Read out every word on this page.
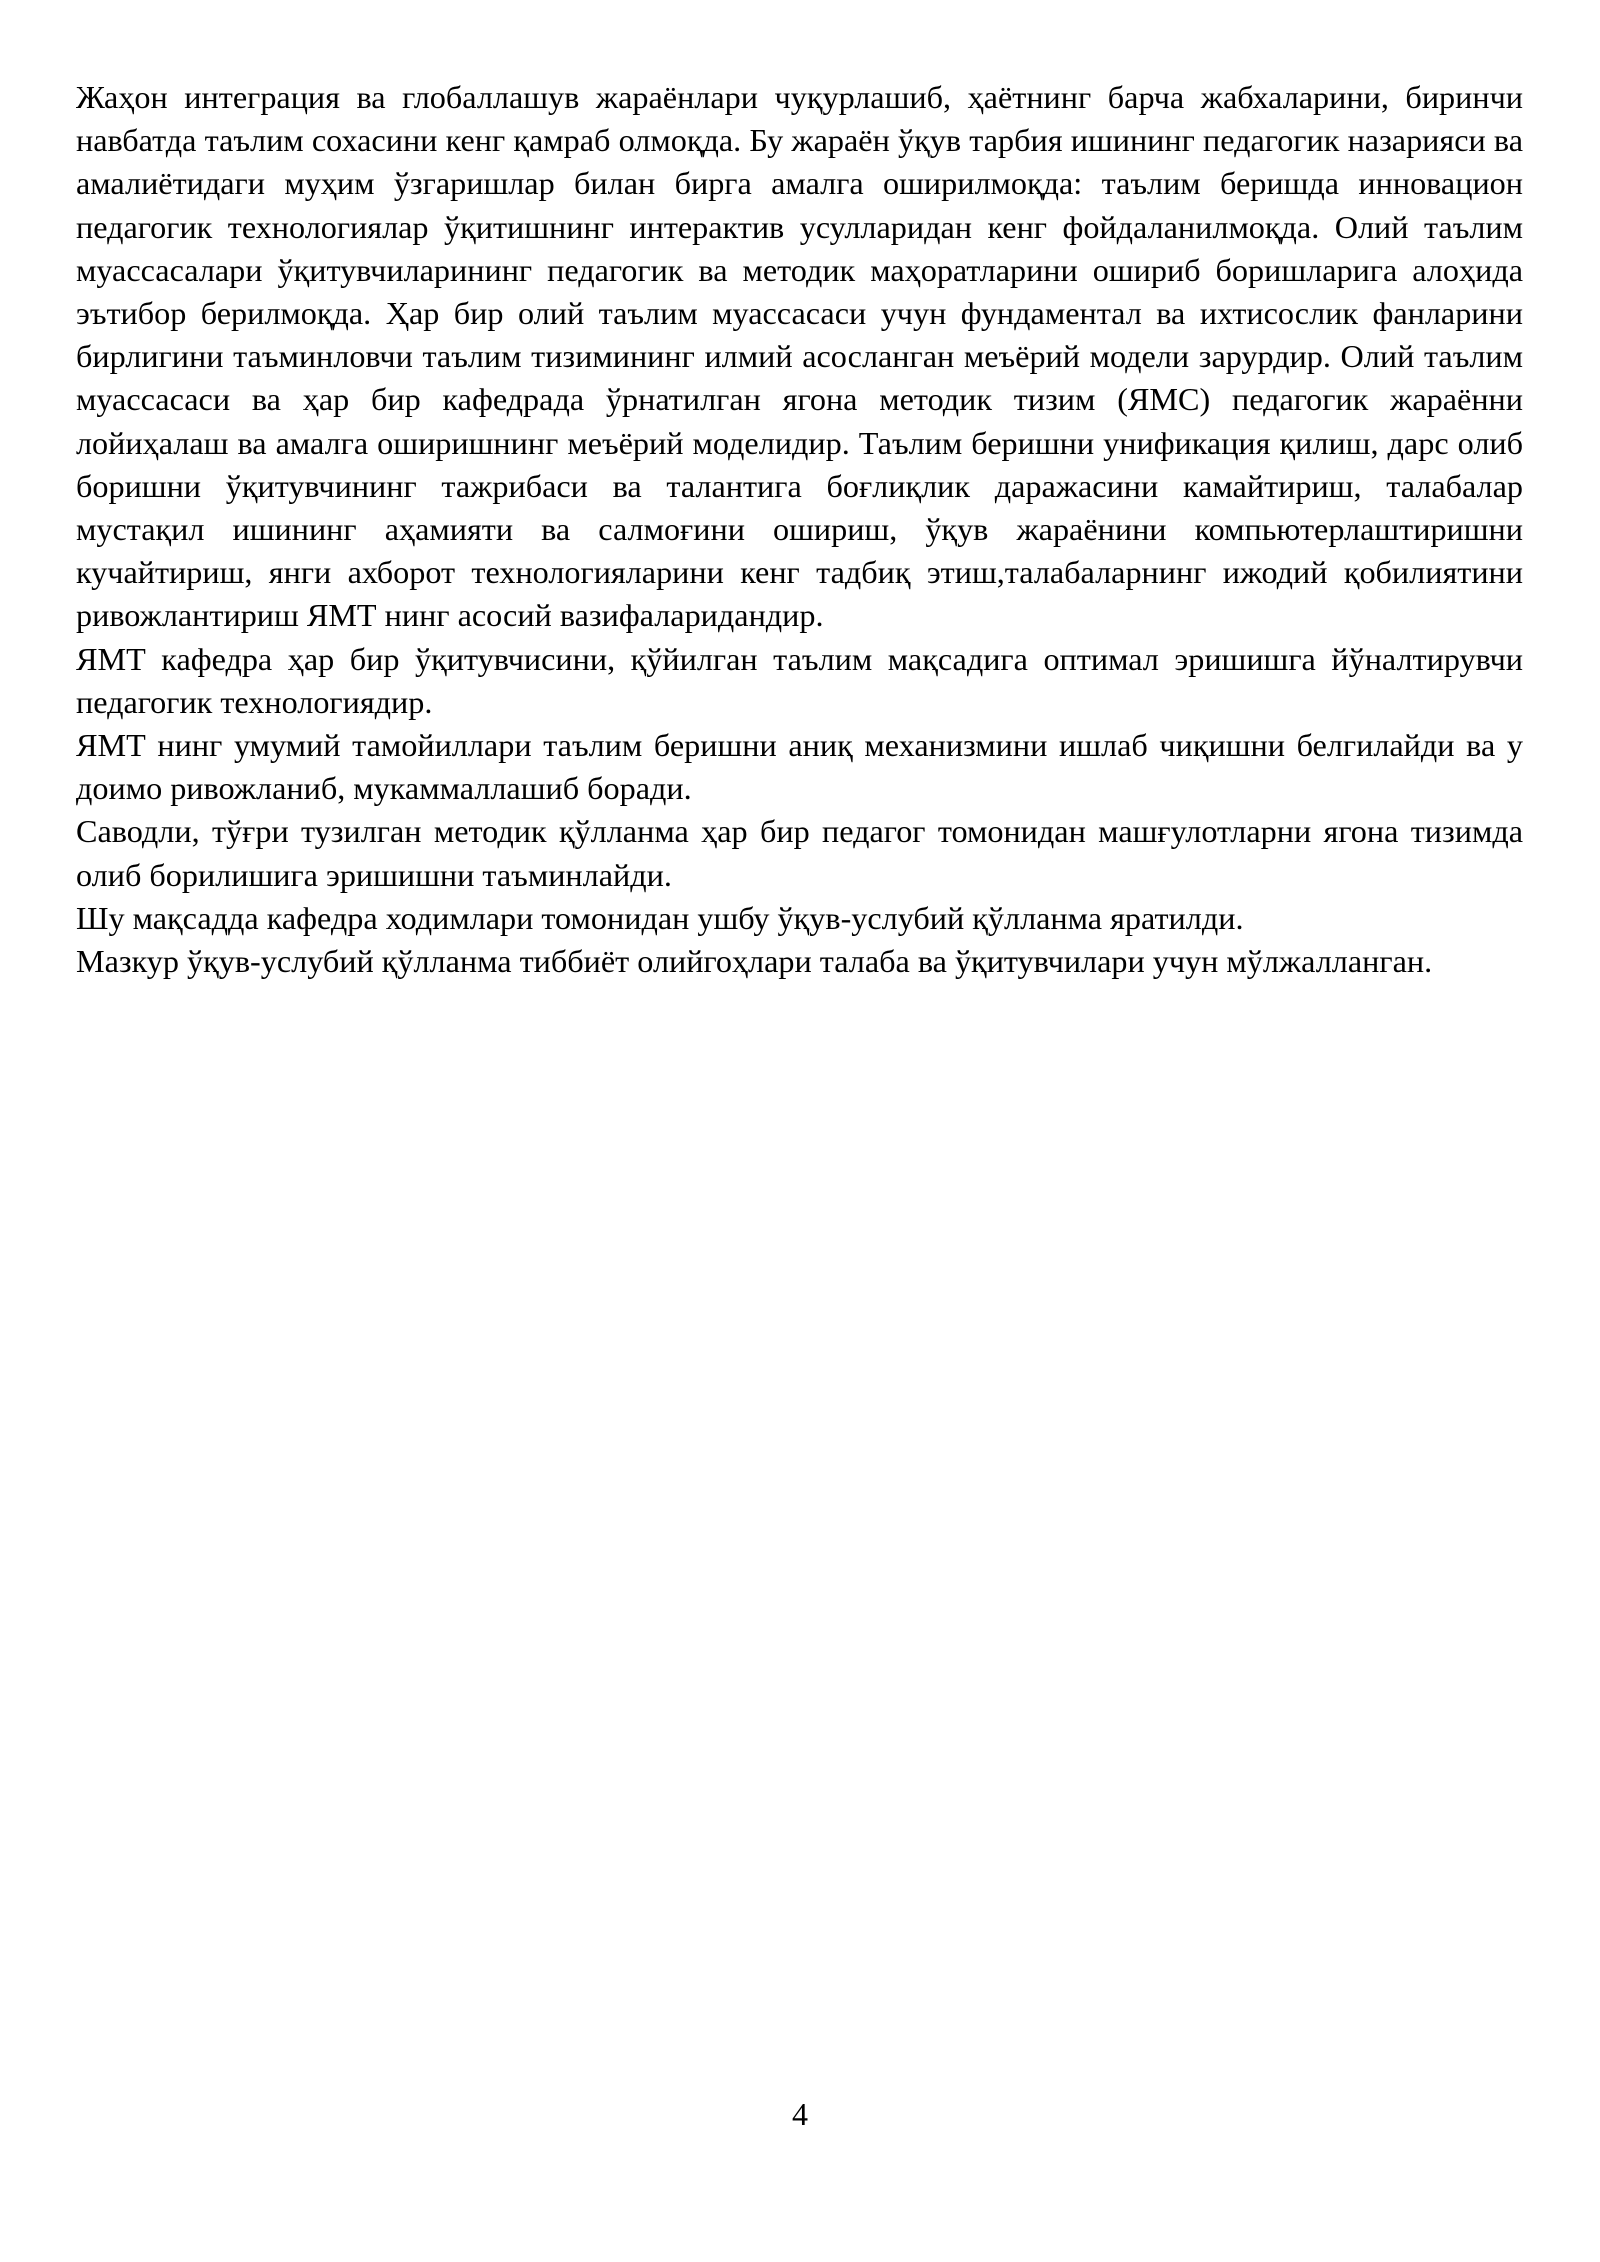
Жаҳон интеграция ва глобаллашув жараёнлари чуқурлашиб, ҳаётнинг барча жабхаларини, биринчи навбатда таълим сохасини кенг қамраб олмоқда. Бу жараён ўқув тарбия ишининг педагогик назарияси ва амалиётидаги муҳим ўзгаришлар билан бирга амалга оширилмоқда: таълим беришда инновацион педагогик технологиялар ўқитишнинг интерактив усулларидан кенг фойдаланилмоқда. Олий таълим муассасалари ўқитувчиларининг педагогик ва методик маҳоратларини ошириб боришларига алоҳида эътибор берилмоқда. Ҳар бир олий таълим муассасаси учун фундаментал ва ихтисослик фанларини бирлигини таъминловчи таълим тизимининг илмий асосланган меъёрий модели зарурдир. Олий таълим муассасаси ва ҳар бир кафедрада ўрнатилган ягона методик тизим (ЯМС) педагогик жараённи лойиҳалаш ва амалга оширишнинг меъёрий моделидир. Таълим беришни унификация қилиш, дарс олиб боришни ўқитувчининг тажрибаси ва талантига боғлиқлик даражасини камайтириш, талабалар мустақил ишининг аҳамияти ва салмоғини ошириш, ўқув жараёнини компьютерлаштиришни кучайтириш, янги ахборот технологияларини кенг тадбиқ этиш,талабаларнинг ижодий қобилиятини ривожлантириш ЯМТ нинг асосий вазифаларидандир.

ЯМТ кафедра ҳар бир ўқитувчисини, қўйилган таълим мақсадига оптимал эришишга йўналтирувчи педагогик технологиядир.

ЯМТ нинг умумий тамойиллари таълим беришни аниқ механизмини ишлаб чиқишни белгилайди ва у доимо ривожланиб, мукаммаллашиб боради.

Саводли, тўғри тузилган методик қўлланма ҳар бир педагог томонидан машғулотларни ягона тизимда олиб борилишига эришишни таъминлайди.

Шу мақсадда кафедра ходимлари томонидан ушбу ўқув-услубий қўлланма яратилди.

Мазкур ўқув-услубий қўлланма тиббиёт олийгоҳлари талаба ва ўқитувчилари учун мўлжалланган.

4
